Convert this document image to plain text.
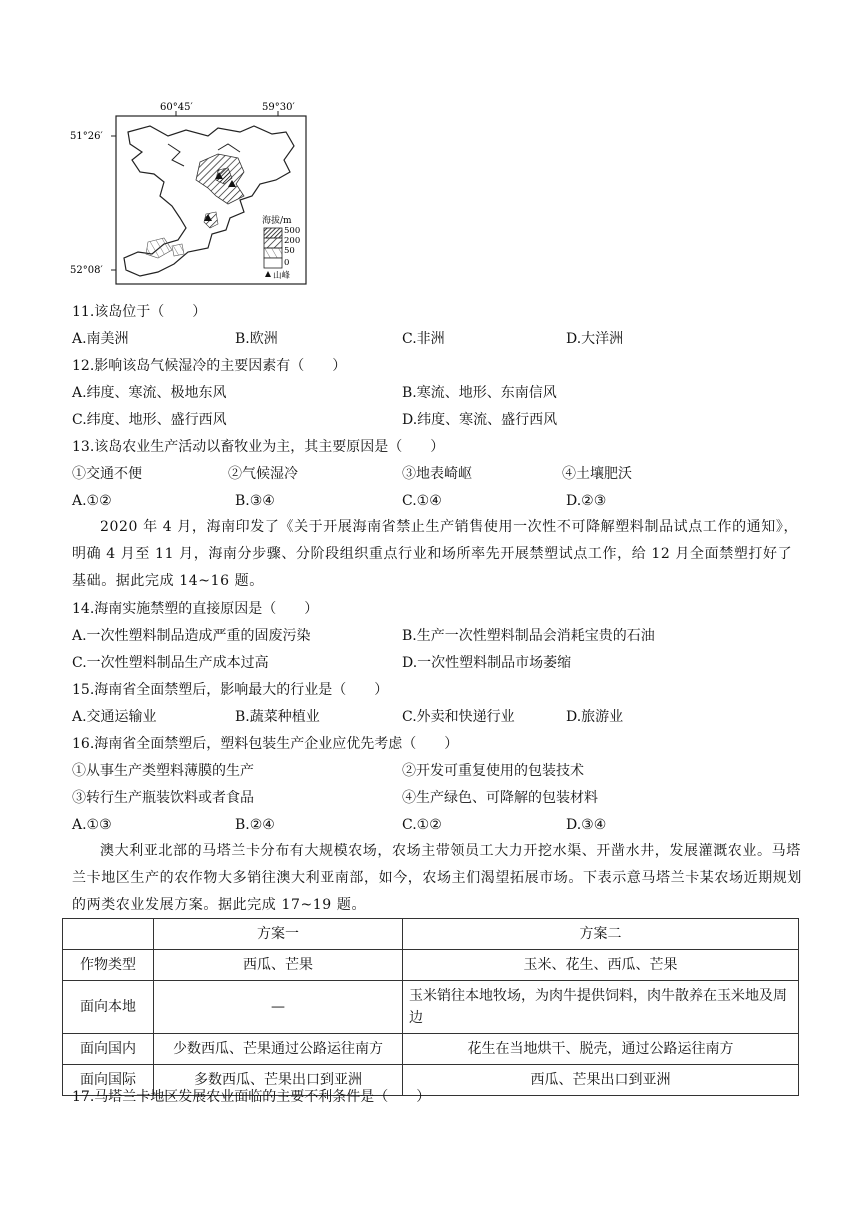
60°45′	59°30′
51°26′
52°08′
海拔/m
500
200
50
0
山峰
11.该岛位于（　　）
A.南美洲	B.欧洲	C.非洲	D.大洋洲
12.影响该岛气候湿冷的主要因素有（　　）
A.纬度、寒流、极地东风	B.寒流、地形、东南信风
C.纬度、地形、盛行西风	D.纬度、寒流、盛行西风
13.该岛农业生产活动以畜牧业为主，其主要原因是（　　）
①交通不便	②气候湿冷	③地表崎岖	④土壤肥沃
A.①②	B.③④	C.①④	D.②③
2020 年 4 月，海南印发了《关于开展海南省禁止生产销售使用一次性不可降解塑料制品试点工作的通知》，明确 4 月至 11 月，海南分步骤、分阶段组织重点行业和场所率先开展禁塑试点工作，给 12 月全面禁塑打好了基础。据此完成 14~16 题。
14.海南实施禁塑的直接原因是（　　）
A.一次性塑料制品造成严重的固废污染	B.生产一次性塑料制品会消耗宝贵的石油
C.一次性塑料制品生产成本过高	D.一次性塑料制品市场萎缩
15.海南省全面禁塑后，影响最大的行业是（　　）
A.交通运输业	B.蔬菜种植业	C.外卖和快递行业	D.旅游业
16.海南省全面禁塑后，塑料包装生产企业应优先考虑（　　）
①从事生产类塑料薄膜的生产	②开发可重复使用的包装技术
③转行生产瓶装饮料或者食品	④生产绿色、可降解的包装材料
A.①③	B.②④	C.①②	D.③④
澳大利亚北部的马塔兰卡分布有大规模农场，农场主带领员工大力开挖水渠、开凿水井，发展灌溉农业。马塔兰卡地区生产的农作物大多销往澳大利亚南部，如今，农场主们渴望拓展市场。下表示意马塔兰卡某农场近期规划的两类农业发展方案。据此完成 17~19 题。
	方案一	方案二
作物类型	西瓜、芒果	玉米、花生、西瓜、芒果
面向本地	—	玉米销往本地牧场，为肉牛提供饲料，肉牛散养在玉米地及周边
面向国内	少数西瓜、芒果通过公路运往南方	花生在当地烘干、脱壳，通过公路运往南方
面向国际	多数西瓜、芒果出口到亚洲	西瓜、芒果出口到亚洲
17.马塔兰卡地区发展农业面临的主要不利条件是（　　）
